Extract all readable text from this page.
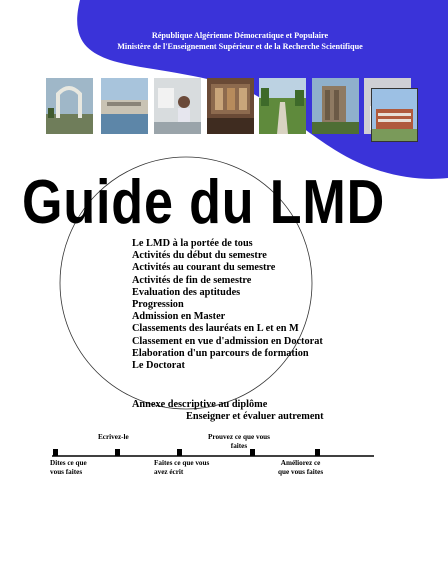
République Algérienne Démocratique et Populaire
Ministère de l'Enseignement Supérieur et de la Recherche Scientifique
Guide du LMD
Le LMD à la portée de tous
Activités du début du semestre
Activités au courant du semestre
Activités de fin de semestre
Evaluation des aptitudes
Progression
Admission en Master
Classements des lauréats en L et en M
Classement en vue d'admission en Doctorat
Elaboration d'un parcours de formation
Le Doctorat
Annexe descriptive au diplôme
Enseigner et évaluer autrement
Ecrivez-le	Prouvez ce que vous
faites
Dites ce que
vous faites
Faites ce que vous
avez écrit
Améliorez ce
que vous faites
